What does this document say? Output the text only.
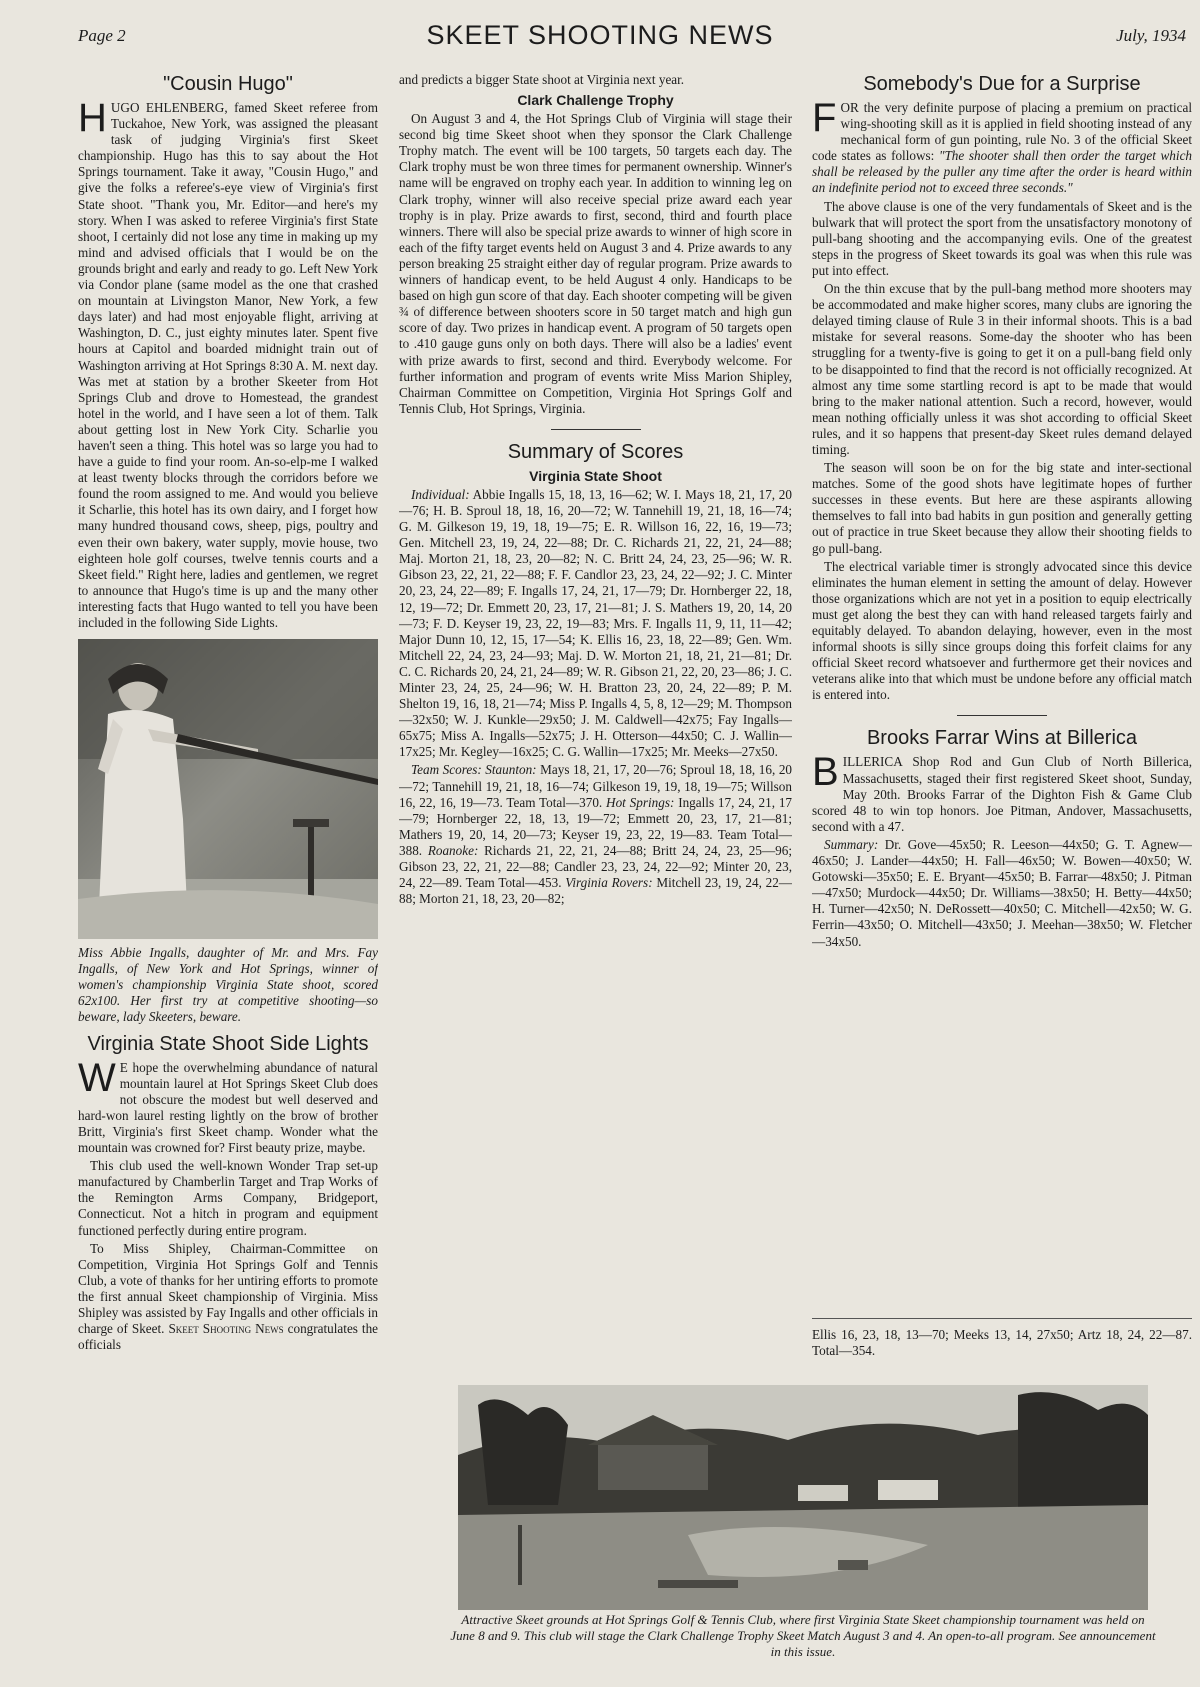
Page 2	SKEET SHOOTING NEWS	July, 1934
"Cousin Hugo"

HUGO EHLENBERG, famed Skeet referee from Tuckahoe, New York, was assigned the pleasant task of judging Virginia's first Skeet championship. Hugo has this to say about the Hot Springs tournament. Take it away, "Cousin Hugo," and give the folks a referee's-eye view of Virginia's first State shoot. "Thank you, Mr. Editor—and here's my story. When I was asked to referee Virginia's first State shoot, I certainly did not lose any time in making up my mind and advised officials that I would be on the grounds bright and early and ready to go. Left New York via Condor plane (same model as the one that crashed on mountain at Livingston Manor, New York, a few days later) and had most enjoyable flight, arriving at Washington, D. C., just eighty minutes later. Spent five hours at Capitol and boarded midnight train out of Washington arriving at Hot Springs 8:30 A. M. next day. Was met at station by a brother Skeeter from Hot Springs Club and drove to Homestead, the grandest hotel in the world, and I have seen a lot of them. Talk about getting lost in New York City. Scharlie you haven't seen a thing. This hotel was so large you had to have a guide to find your room. An-so-elp-me I walked at least twenty blocks through the corridors before we found the room assigned to me. And would you believe it Scharlie, this hotel has its own dairy, and I forget how many hundred thousand cows, sheep, pigs, poultry and even their own bakery, water supply, movie house, two eighteen hole golf courses, twelve tennis courts and a Skeet field." Right here, ladies and gentlemen, we regret to announce that Hugo's time is up and the many other interesting facts that Hugo wanted to tell you have been included in the following Side Lights.

Miss Abbie Ingalls, daughter of Mr. and Mrs. Fay Ingalls, of New York and Hot Springs, winner of women's championship Virginia State shoot, scored 62x100. Her first try at competitive shooting—so beware, lady Skeeters, beware.
Virginia State Shoot Side Lights

W E hope the overwhelming abundance of natural mountain laurel at Hot Springs Skeet Club does not obscure the modest but well deserved and hard-won laurel resting lightly on the brow of brother Britt, Virginia's first Skeet champ. Wonder what the mountain was crowned for? First beauty prize, maybe.

This club used the well-known Wonder Trap set-up manufactured by Chamberlin Target and Trap Works of the Remington Arms Company, Bridgeport, Connecticut. Not a hitch in program and equipment functioned perfectly during entire program.

To Miss Shipley, Chairman-Committee on Competition, Virginia Hot Springs Golf and Tennis Club, a vote of thanks for her untiring efforts to promote the first annual Skeet championship of Virginia. Miss Shipley was assisted by Fay Ingalls and other officials in charge of Skeet. Skeet Shooting News congratulates the officials

and predicts a bigger State shoot at Virginia next year.

Clark Challenge Trophy

On August 3 and 4, the Hot Springs Club of Virginia will stage their second big time Skeet shoot when they sponsor the Clark Challenge Trophy match. The event will be 100 targets, 50 targets each day. The Clark trophy must be won three times for permanent ownership. Winner's name will be engraved on trophy each year. In addition to winning leg on Clark trophy, winner will also receive special prize award each year trophy is in play. Prize awards to first, second, third and fourth place winners. There will also be special prize awards to winner of high score in each of the fifty target events held on August 3 and 4. Prize awards to any person breaking 25 straight either day of regular program. Prize awards to winners of handicap event, to be held August 4 only. Handicaps to be based on high gun score of that day. Each shooter competing will be given ¾ of difference between shooters score in 50 target match and high gun score of day. Two prizes in handicap event. A program of 50 targets open to .410 gauge guns only on both days. There will also be a ladies' event with prize awards to first, second and third. Everybody welcome. For further information and program of events write Miss Marion Shipley, Chairman Committee on Competition, Virginia Hot Springs Golf and Tennis Club, Hot Springs, Virginia.

Summary of Scores
Virginia State Shoot

Individual: Abbie Ingalls 15, 18, 13, 16—62; W. I. Mays 18, 21, 17, 20—76; H. B. Sproul 18, 18, 16, 20—72; W. Tannehill 19, 21, 18, 16—74; G. M. Gilkeson 19, 19, 18, 19—75; E. R. Willson 16, 22, 16, 19—73; Gen. Mitchell 23, 19, 24, 22—88; Dr. C. Richards 21, 22, 21, 24—88; Maj. Morton 21, 18, 23, 20—82; N. C. Britt 24, 24, 23, 25—96; W. R. Gibson 23, 22, 21, 22—88; F. F. Candlor 23, 23, 24, 22—92; J. C. Minter 20, 23, 24, 22—89; F. Ingalls 17, 24, 21, 17—79; Dr. Hornberger 22, 18, 12, 19—72; Dr. Emmett 20, 23, 17, 21—81; J. S. Mathers 19, 20, 14, 20—73; F. D. Keyser 19, 23, 22, 19—83; Mrs. F. Ingalls 11, 9, 11, 11—42; Major Dunn 10, 12, 15, 17—54; K. Ellis 16, 23, 18, 22—89; Gen. Wm. Mitchell 22, 24, 23, 24—93; Maj. D. W. Morton 21, 18, 21, 21—81; Dr. C. C. Richards 20, 24, 21, 24—89; W. R. Gibson 21, 22, 20, 23—86; J. C. Minter 23, 24, 25, 24—96; W. H. Bratton 23, 20, 24, 22—89; P. M. Shelton 19, 16, 18, 21—74; Miss P. Ingalls 4, 5, 8, 12—29; M. Thompson—32x50; W. J. Kunkle—29x50; J. M. Caldwell—42x75; Fay Ingalls—65x75; Miss A. Ingalls—52x75; J. H. Otterson—44x50; C. J. Wallin—17x25; Mr. Kegley—16x25; C. G. Wallin—17x25; Mr. Meeks—27x50.

Team Scores: Staunton: Mays 18, 21, 17, 20—76; Sproul 18, 18, 16, 20—72; Tannehill 19, 21, 18, 16—74; Gilkeson 19, 19, 18, 19—75; Willson 16, 22, 16, 19—73. Team Total—370. Hot Springs: Ingalls 17, 24, 21, 17—79; Hornberger 22, 18, 13, 19—72; Emmett 20, 23, 17, 21—81; Mathers 19, 20, 14, 20—73; Keyser 19, 23, 22, 19—83. Team Total—388. Roanoke: Richards 21, 22, 21, 24—88; Britt 24, 24, 23, 25—96; Gibson 23, 22, 21, 22—88; Candler 23, 23, 24, 22—92; Minter 20, 23, 24, 22—89. Team Total—453. Virginia Rovers: Mitchell 23, 19, 24, 22—88; Morton 21, 18, 23, 20—82;

Somebody's Due for a Surprise

FOR the very definite purpose of placing a premium on practical wing-shooting skill as it is applied in field shooting instead of any mechanical form of gun pointing, rule No. 3 of the official Skeet code states as follows: "The shooter shall then order the target which shall be released by the puller any time after the order is heard within an indefinite period not to exceed three seconds."

The above clause is one of the very fundamentals of Skeet and is the bulwark that will protect the sport from the unsatisfactory monotony of pull-bang shooting and the accompanying evils. One of the greatest steps in the progress of Skeet towards its goal was when this rule was put into effect.

On the thin excuse that by the pull-bang method more shooters may be accommodated and make higher scores, many clubs are ignoring the delayed timing clause of Rule 3 in their informal shoots. This is a bad mistake for several reasons. Some-day the shooter who has been struggling for a twenty-five is going to get it on a pull-bang field only to be disappointed to find that the record is not officially recognized. At almost any time some startling record is apt to be made that would bring to the maker national attention. Such a record, however, would mean nothing officially unless it was shot according to official Skeet rules, and it so happens that present-day Skeet rules demand delayed timing.

The season will soon be on for the big state and inter-sectional matches. Some of the good shots have legitimate hopes of further successes in these events. But here are these aspirants allowing themselves to fall into bad habits in gun position and generally getting out of practice in true Skeet because they allow their shooting fields to go pull-bang.

The electrical variable timer is strongly advocated since this device eliminates the human element in setting the amount of delay. However those organizations which are not yet in a position to equip electrically must get along the best they can with hand released targets fairly and equitably delayed. To abandon delaying, however, even in the most informal shoots is silly since groups doing this forfeit claims for any official Skeet record whatsoever and furthermore get their novices and veterans alike into that which must be undone before any official match is entered into.

Brooks Farrar Wins at Billerica

BILLERICA Shop Rod and Gun Club of North Billerica, Massachusetts, staged their first registered Skeet shoot, Sunday, May 20th. Brooks Farrar of the Dighton Fish & Game Club scored 48 to win top honors. Joe Pitman, Andover, Massachusetts, second with a 47.

Summary: Dr. Gove—45x50; R. Leeson—44x50; G. T. Agnew—46x50; J. Lander—44x50; H. Fall—46x50; W. Bowen—40x50; W. Gotowski—35x50; E. E. Bryant—45x50; B. Farrar—48x50; J. Pitman—47x50; Murdock—44x50; Dr. Williams—38x50; H. Betty—44x50; H. Turner—42x50; N. DeRossett—40x50; C. Mitchell—42x50; W. G. Ferrin—43x50; O. Mitchell—43x50; J. Meehan—38x50; W. Fletcher—34x50.

Ellis 16, 23, 18, 13—70; Meeks 13, 14, 27x50; Artz 18, 24, 22—87. Total—354.

Attractive Skeet grounds at Hot Springs Golf & Tennis Club, where first Virginia State Skeet championship tournament was held on June 8 and 9. This club will stage the Clark Challenge Trophy Skeet Match August 3 and 4. An open-to-all program. See announcement in this issue.
